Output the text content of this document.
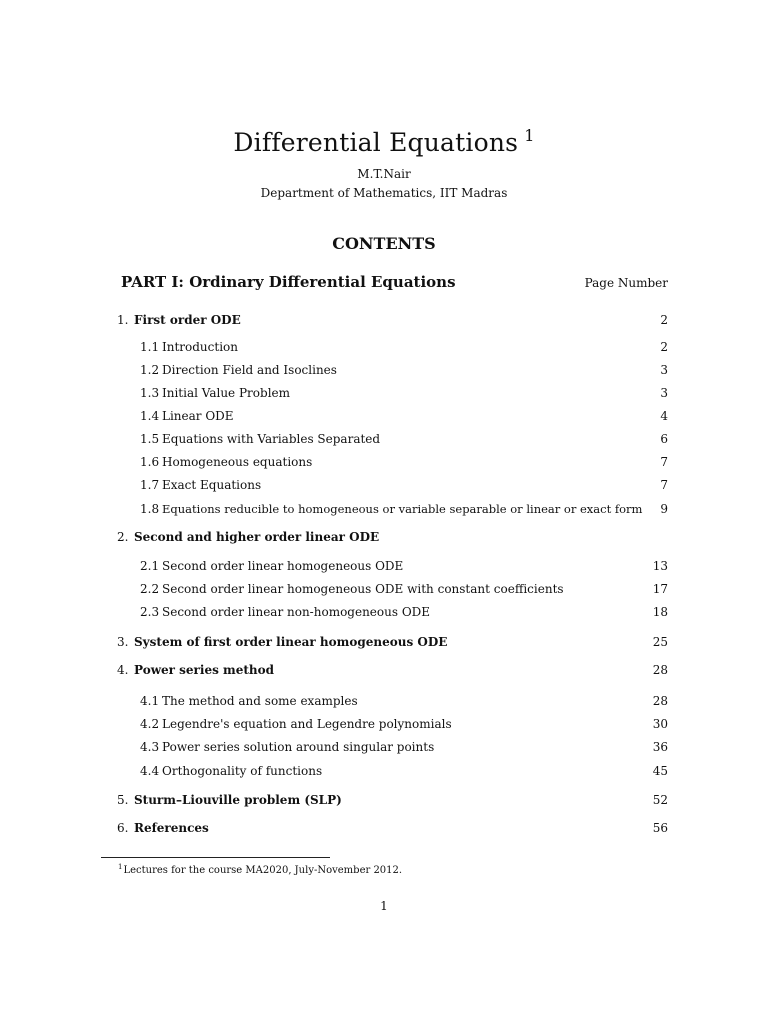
Differential Equations $^1$
M.T.Nair
Department of Mathematics, IIT Madras
CONTENTS
PART I: Ordinary Differential Equations	Page Number
1. First order ODE	2
1.1 Introduction	2
1.2 Direction Field and Isoclines	3
1.3 Initial Value Problem	3
1.4 Linear ODE	4
1.5 Equations with Variables Separated	6
1.6 Homogeneous equations	7
1.7 Exact Equations	7
1.8 Equations reducible to homogeneous or variable separable or linear or exact form 9
2. Second and higher order linear ODE
2.1 Second order linear homogeneous ODE	13
2.2 Second order linear homogeneous ODE with constant coefficients	17
2.3 Second order linear non-homogeneous ODE	18
3. System of first order linear homogeneous ODE	25
4. Power series method	28
4.1 The method and some examples	28
4.2 Legendre's equation and Legendre polynomials	30
4.3 Power series solution around singular points	36
4.4 Orthogonality of functions	45
5. Sturm–Liouville problem (SLP)	52
6. References	56
$^1$Lectures for the course MA2020, July-November 2012.
1
